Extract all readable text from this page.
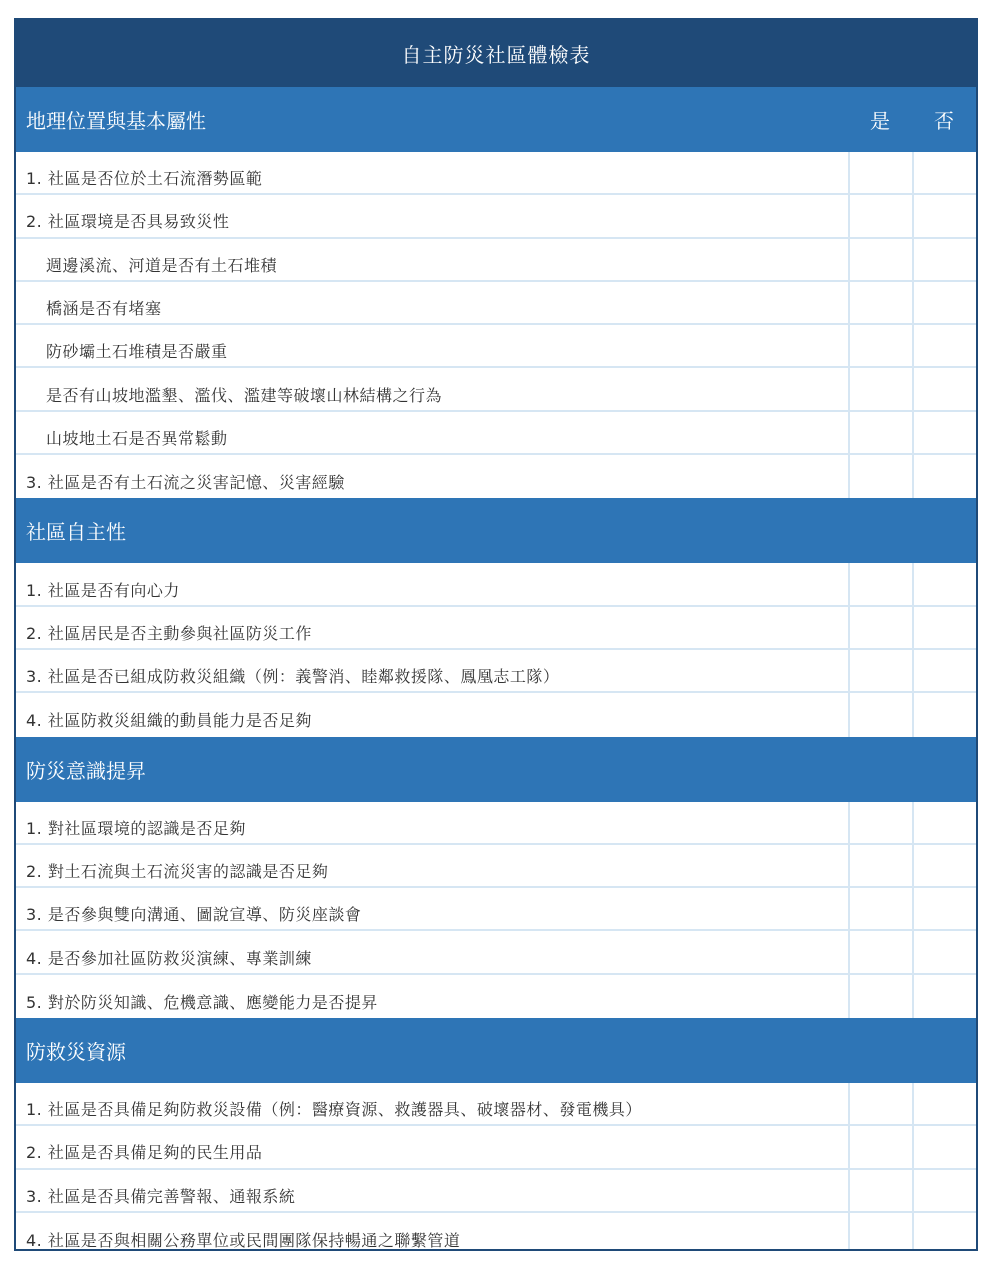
自主防災社區體檢表
地理位置與基本屬性	是	否
1. 社區是否位於土石流潛勢區範
2. 社區環境是否具易致災性
週邊溪流、河道是否有土石堆積
橋涵是否有堵塞
防砂壩土石堆積是否嚴重
是否有山坡地濫墾、濫伐、濫建等破壞山林結構之行為
山坡地土石是否異常鬆動
3. 社區是否有土石流之災害記憶、災害經驗
社區自主性
1. 社區是否有向心力
2. 社區居民是否主動參與社區防災工作
3. 社區是否已組成防救災組織（例：義警消、睦鄰救援隊、鳳凰志工隊）
4. 社區防救災組織的動員能力是否足夠
防災意識提昇
1. 對社區環境的認識是否足夠
2. 對土石流與土石流災害的認識是否足夠
3. 是否參與雙向溝通、圖說宣導、防災座談會
4. 是否參加社區防救災演練、專業訓練
5. 對於防災知識、危機意識、應變能力是否提昇
防救災資源
1. 社區是否具備足夠防救災設備（例：醫療資源、救護器具、破壞器材、發電機具）
2. 社區是否具備足夠的民生用品
3. 社區是否具備完善警報、通報系統
4. 社區是否與相關公務單位或民間團隊保持暢通之聯繫管道
